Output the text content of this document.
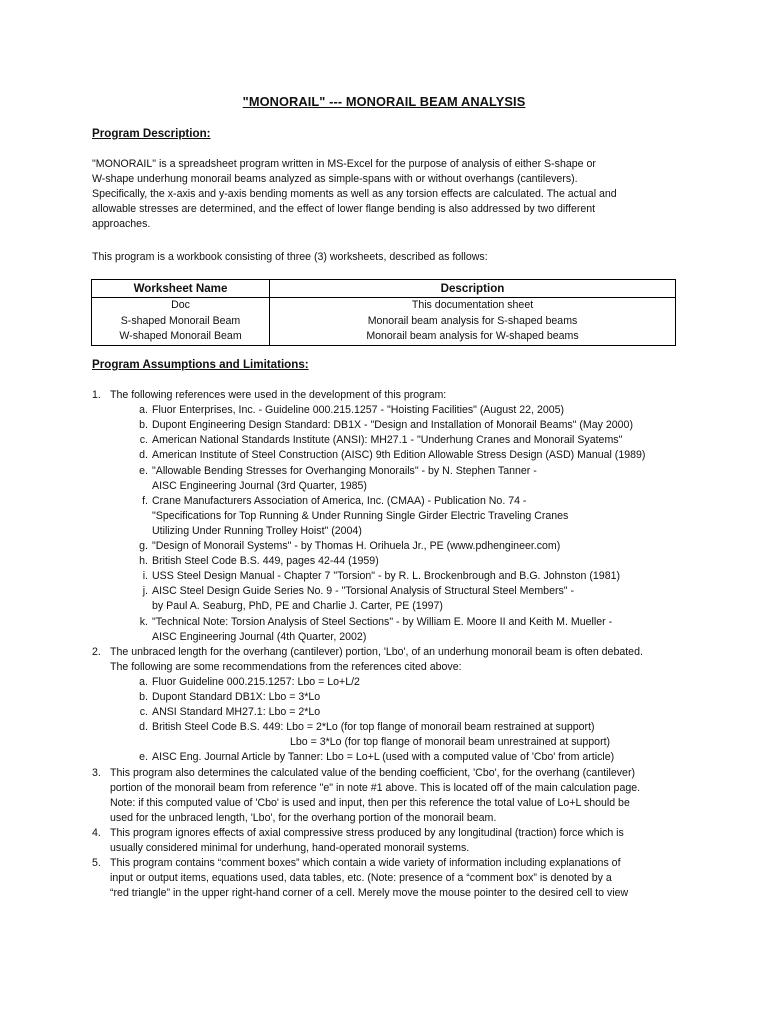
"MONORAIL" --- MONORAIL BEAM ANALYSIS
Program Description:
"MONORAIL" is a spreadsheet program written in MS-Excel for the purpose of analysis of either S-shape or
W-shape underhung monorail beams analyzed as simple-spans with or without overhangs (cantilevers).
Specifically, the x-axis and y-axis bending moments as well as any torsion effects are calculated. The actual and
allowable stresses are determined, and the effect of lower flange bending is also addressed by two different
approaches.
This program is a workbook consisting of three (3) worksheets, described as follows:
Worksheet Name	Description
Doc	This documentation sheet
S-shaped Monorail Beam	Monorail beam analysis for S-shaped beams
W-shaped Monorail Beam	Monorail beam analysis for W-shaped beams
Program Assumptions and Limitations:
1. The following references were used in the development of this program:
a. Fluor Enterprises, Inc. - Guideline 000.215.1257 - "Hoisting Facilities" (August 22, 2005)
b. Dupont Engineering Design Standard: DB1X - "Design and Installation of Monorail Beams" (May 2000)
c. American National Standards Institute (ANSI): MH27.1 - "Underhung Cranes and Monorail Syatems"
d. American Institute of Steel Construction (AISC) 9th Edition Allowable Stress Design (ASD) Manual (1989)
e. "Allowable Bending Stresses for Overhanging Monorails" - by N. Stephen Tanner -
AISC Engineering Journal (3rd Quarter, 1985)
f. Crane Manufacturers Association of America, Inc. (CMAA) - Publication No. 74 -
"Specifications for Top Running & Under Running Single Girder Electric Traveling Cranes
Utilizing Under Running Trolley Hoist" (2004)
g. "Design of Monorail Systems" - by Thomas H. Orihuela Jr., PE (www.pdhengineer.com)
h. British Steel Code B.S. 449, pages 42-44 (1959)
i. USS Steel Design Manual - Chapter 7 "Torsion" - by R. L. Brockenbrough and B.G. Johnston (1981)
j. AISC Steel Design Guide Series No. 9 - "Torsional Analysis of Structural Steel Members" -
by Paul A. Seaburg, PhD, PE and Charlie J. Carter, PE (1997)
k. "Technical Note: Torsion Analysis of Steel Sections" - by William E. Moore II and Keith M. Mueller -
AISC Engineering Journal (4th Quarter, 2002)
2. The unbraced length for the overhang (cantilever) portion, 'Lbo', of an underhung monorail beam is often debated.
The following are some recommendations from the references cited above:
a. Fluor Guideline 000.215.1257: Lbo = Lo+L/2
b. Dupont Standard DB1X: Lbo = 3*Lo
c. ANSI Standard MH27.1: Lbo = 2*Lo
d. British Steel Code B.S. 449: Lbo = 2*Lo (for top flange of monorail beam restrained at support)
Lbo = 3*Lo (for top flange of monorail beam unrestrained at support)
e. AISC Eng. Journal Article by Tanner: Lbo = Lo+L (used with a computed value of 'Cbo' from article)
3. This program also determines the calculated value of the bending coefficient, 'Cbo', for the overhang (cantilever)
portion of the monorail beam from reference "e" in note #1 above. This is located off of the main calculation page.
Note: if this computed value of 'Cbo' is used and input, then per this reference the total value of Lo+L should be
used for the unbraced length, 'Lbo', for the overhang portion of the monorail beam.
4. This program ignores effects of axial compressive stress produced by any longitudinal (traction) force which is
usually considered minimal for underhung, hand-operated monorail systems.
5. This program contains “comment boxes” which contain a wide variety of information including explanations of
input or output items, equations used, data tables, etc. (Note: presence of a “comment box” is denoted by a
“red triangle” in the upper right-hand corner of a cell. Merely move the mouse pointer to the desired cell to view
